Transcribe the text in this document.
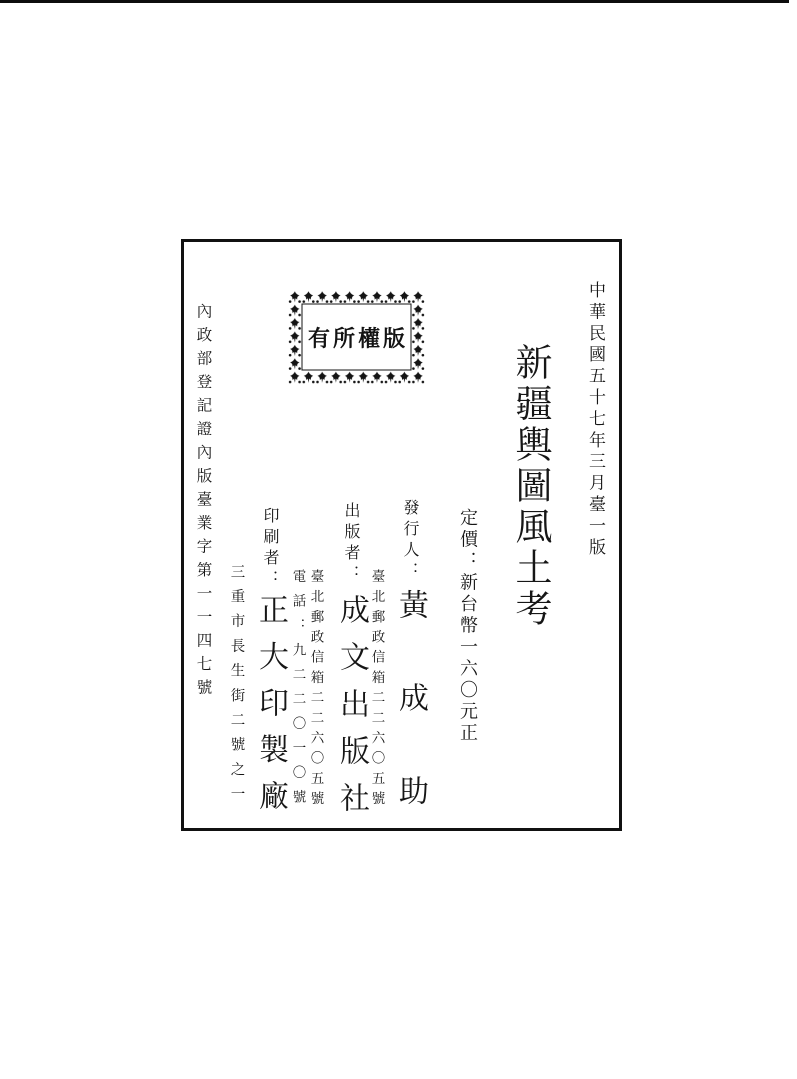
內政部登記證內版臺業字第一一四七號	有所權版	中華民國五十七年三月臺一版
新疆輿圖風土考
定價：新台幣一六〇元正
發行人：黃成助
臺北郵政信箱二二六〇五號
出版者：成文出版社
臺北郵政信箱二二六〇五號
電話：九二二〇一〇號
印刷者：正大印製廠
三重市長生街二號之一
